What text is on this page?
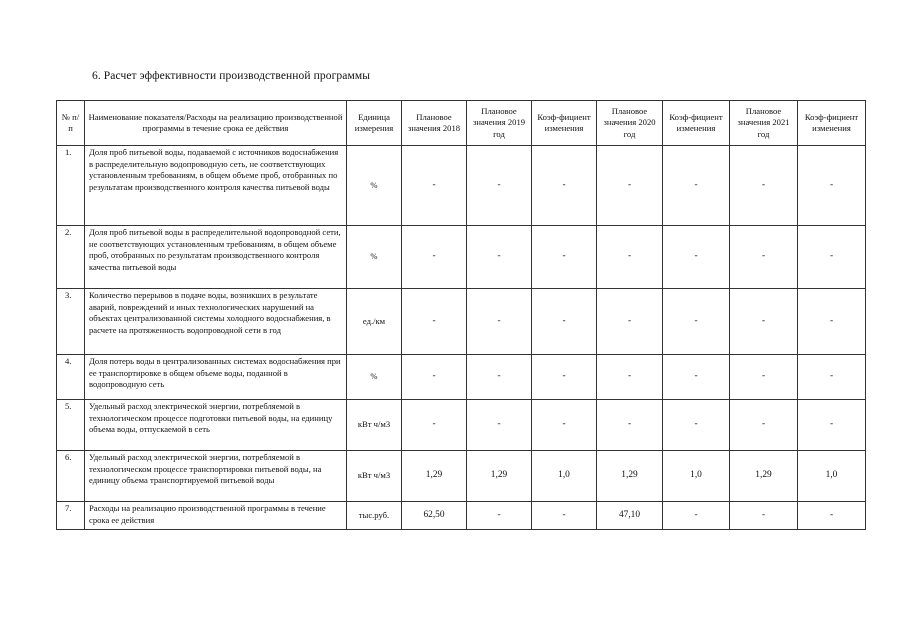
6. Расчет эффективности производственной программы
№ п/п	Наименование показателя/Расходы на реализацию производственной программы в течение срока ее действия	Единица измерения	Плановое значения 2018	Плановое значения 2019 год	Коэф-фициент изменения	Плановое значения 2020 год	Коэф-фициент изменения	Плановое значения 2021 год	Коэф-фициент изменения
1.	Доля проб питьевой воды, подаваемой с источников водоснабжения в распределительную водопроводную сеть, не соответствующих установленным требованиям, в общем объеме проб, отобранных по результатам производственного контроля качества питьевой воды	%	-	-	-	-	-	-	-
2.	Доля проб питьевой воды в распределительной водопроводной сети, не соответствующих установленным требованиям, в общем объеме проб, отобранных по результатам производственного контроля качества питьевой воды	%	-	-	-	-	-	-	-
3.	Количество перерывов в подаче воды, возникших в результате аварий, повреждений и иных технологических нарушений на объектах централизованной системы холодного водоснабжения, в расчете на протяженность водопроводной сети в год	ед./км	-	-	-	-	-	-	-
4.	Доля потерь воды в централизованных системах водоснабжения при ее транспортировке в общем объеме воды, поданной в водопроводную сеть	%	-	-	-	-	-	-	-
5.	Удельный расход электрической энергии, потребляемой в технологическом процессе подготовки питьевой воды, на единицу объема воды, отпускаемой в сеть	кВт ч/м3	-	-	-	-	-	-	-
6.	Удельный расход электрической энергии, потребляемой в технологическом процессе транспортировки питьевой воды, на единицу объема транспортируемой питьевой воды	кВт ч/м3	1,29	1,29	1,0	1,29	1,0	1,29	1,0
7.	Расходы на реализацию производственной программы в течение срока ее действия	тыс.руб.	62,50	-	-	47,10	-	-	-
